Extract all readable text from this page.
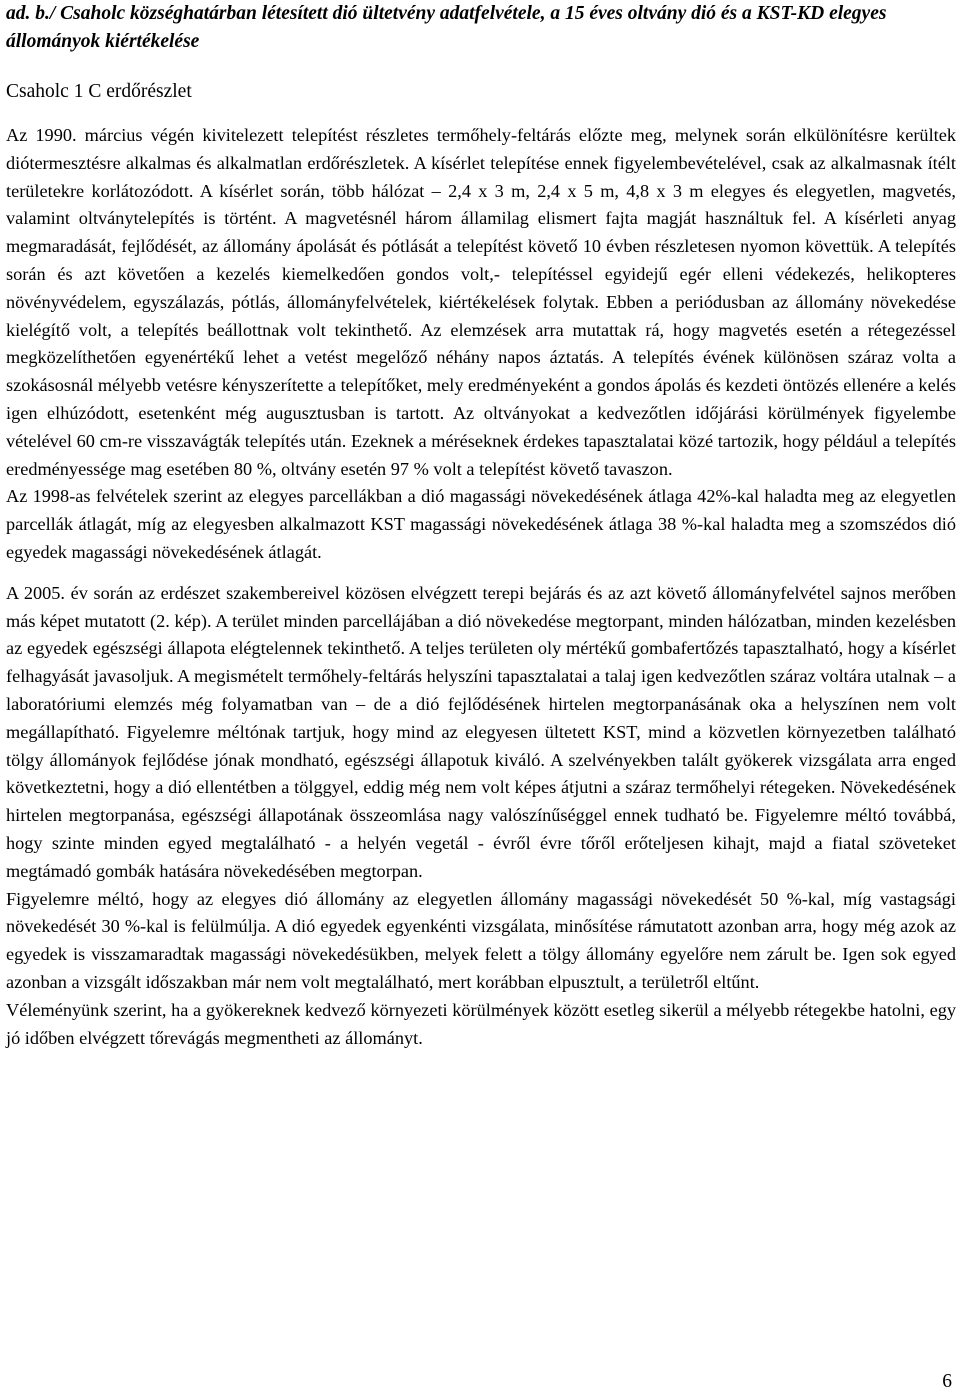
ad. b./ Csaholc községhatárban létesített dió ültetvény adatfelvétele, a 15 éves oltvány dió és a KST-KD elegyes állományok kiértékelése

Csaholc 1 C erdőrészlet

Az 1990. március végén kivitelezett telepítést részletes termőhely-feltárás előzte meg, melynek során elkülönítésre kerültek diótermesztésre alkalmas és alkalmatlan erdőrészletek. A kísérlet telepítése ennek figyelembevételével, csak az alkalmasnak ítélt területekre korlátozódott. A kísérlet során, több hálózat – 2,4 x 3 m, 2,4 x 5 m, 4,8 x 3 m elegyes és elegyetlen, magvetés, valamint oltványtelepítés is történt. A magvetésnél három államilag elismert fajta magját használtuk fel. A kísérleti anyag megmaradását, fejlődését, az állomány ápolását és pótlását a telepítést követő 10 évben részletesen nyomon követtük. A telepítés során és azt követően a kezelés kiemelkedően gondos volt,- telepítéssel egyidejű egér elleni védekezés, helikopteres növényvédelem, egyszálazás, pótlás, állományfelvételek, kiértékelések folytak. Ebben a periódusban az állomány növekedése kielégítő volt, a telepítés beállottnak volt tekinthető. Az elemzések arra mutattak rá, hogy magvetés esetén a rétegezéssel megközelíthetően egyenértékű lehet a vetést megelőző néhány napos áztatás. A telepítés évének különösen száraz volta a szokásosnál mélyebb vetésre kényszerítette a telepítőket, mely eredményeként a gondos ápolás és kezdeti öntözés ellenére a kelés igen elhúzódott, esetenként még augusztusban is tartott. Az oltványokat a kedvezőtlen időjárási körülmények figyelembe vételével 60 cm-re visszavágták telepítés után. Ezeknek a méréseknek érdekes tapasztalatai közé tartozik, hogy például a telepítés eredményessége mag esetében 80 %, oltvány esetén 97 % volt a telepítést követő tavaszon.

Az 1998-as felvételek szerint az elegyes parcellákban a dió magassági növekedésének átlaga 42%-kal haladta meg az elegyetlen parcellák átlagát, míg az elegyesben alkalmazott KST magassági növekedésének átlaga 38 %-kal haladta meg a szomszédos dió egyedek magassági növekedésének átlagát.

A 2005. év során az erdészet szakembereivel közösen elvégzett terepi bejárás és az azt követő állományfelvétel sajnos merőben más képet mutatott (2. kép). A terület minden parcellájában a dió növekedése megtorpant, minden hálózatban, minden kezelésben az egyedek egészségi állapota elégtelennek tekinthető. A teljes területen oly mértékű gombafertőzés tapasztalható, hogy a kísérlet felhagyását javasoljuk. A megismételt termőhely-feltárás helyszíni tapasztalatai a talaj igen kedvezőtlen száraz voltára utalnak – a laboratóriumi elemzés még folyamatban van – de a dió fejlődésének hirtelen megtorpanásának oka a helyszínen nem volt megállapítható. Figyelemre méltónak tartjuk, hogy mind az elegyesen ültetett KST, mind a közvetlen környezetben található tölgy állományok fejlődése jónak mondható, egészségi állapotuk kiváló. A szelvényekben talált gyökerek vizsgálata arra enged következtetni, hogy a dió ellentétben a tölggyel, eddig még nem volt képes átjutni a száraz termőhelyi rétegeken. Növekedésének hirtelen megtorpanása, egészségi állapotának összeomlása nagy valószínűséggel ennek tudható be. Figyelemre méltó továbbá, hogy szinte minden egyed megtalálható - a helyén vegetál - évről évre tőről erőteljesen kihajt, majd a fiatal szöveteket megtámadó gombák hatására növekedésében megtorpan.

Figyelemre méltó, hogy az elegyes dió állomány az elegyetlen állomány magassági növekedését 50 %-kal, míg vastagsági növekedését 30 %-kal is felülmúlja. A dió egyedek egyenkénti vizsgálata, minősítése rámutatott azonban arra, hogy még azok az egyedek is visszamaradtak magassági növekedésükben, melyek felett a tölgy állomány egyelőre nem zárult be. Igen sok egyed azonban a vizsgált időszakban már nem volt megtalálható, mert korábban elpusztult, a területről eltűnt.

Véleményünk szerint, ha a gyökereknek kedvező környezeti körülmények között esetleg sikerül a mélyebb rétegekbe hatolni, egy jó időben elvégzett tőrevágás megmentheti az állományt.

6
